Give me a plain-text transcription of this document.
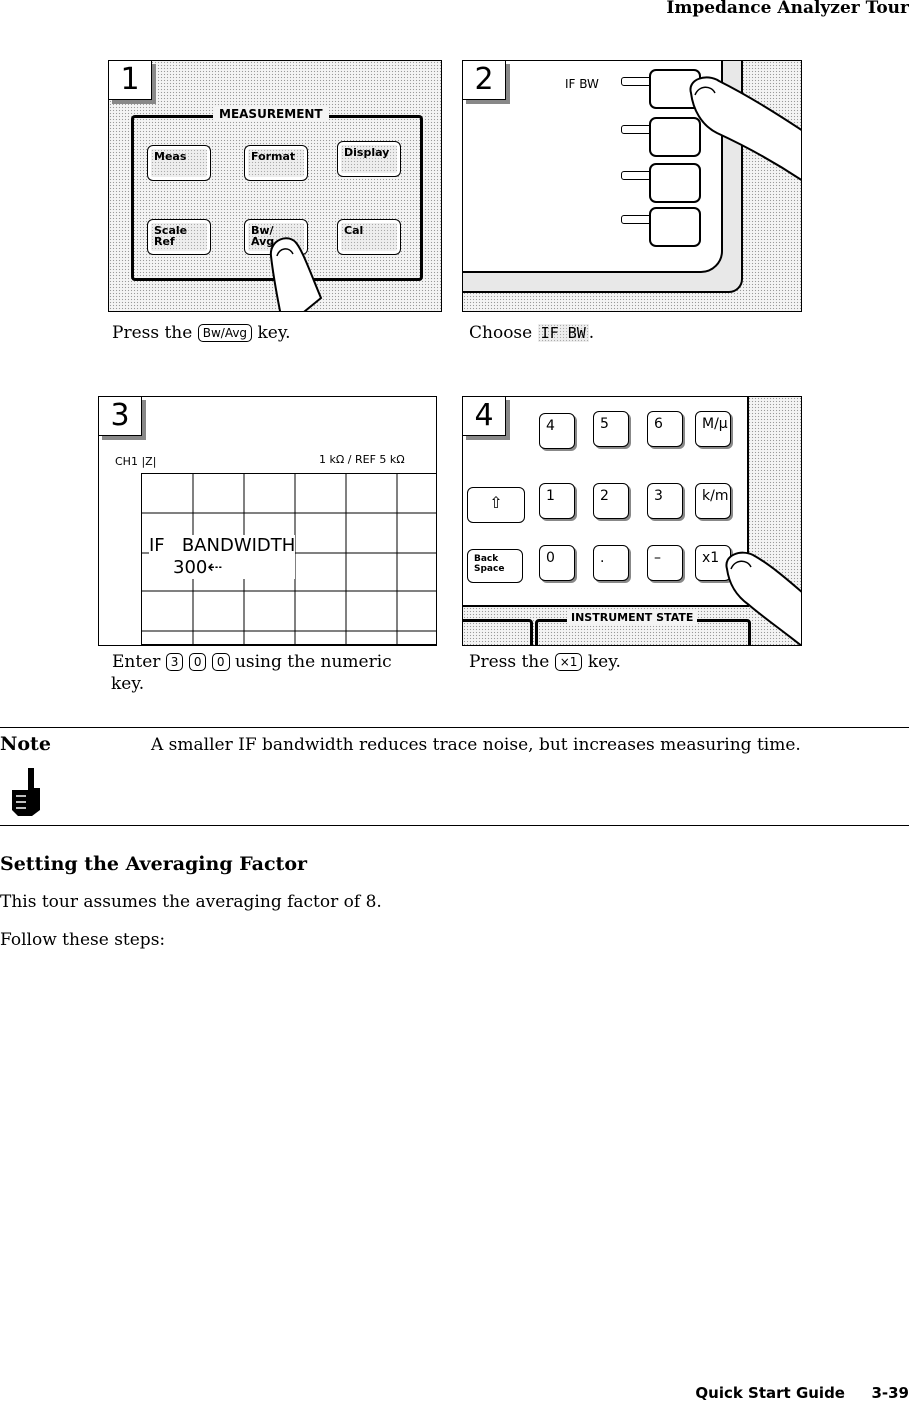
Impedance Analyzer Tour
1
MEASUREMENT
Meas	Format	Display
Scale
Ref
Bw/
Avg
Cal
Press the Bw/Avg key.
2	IF BW
Choose IF BW .
3
CH1 |Z|	1 kΩ / REF 5 kΩ
IF   BANDWIDTH
300⇠
Enter 3 0 0 using the numeric
key.
4	4	5	6	M/μ
⇧	1	2	3	k/m
Back
Space
0	.	–	x1
INSTRUMENT STATE
Press the ×1 key.
Note	A smaller IF bandwidth reduces trace noise, but increases measuring time.
Setting the Averaging Factor
This tour assumes the averaging factor of 8.
Follow these steps:
Quick Start Guide 3-39
